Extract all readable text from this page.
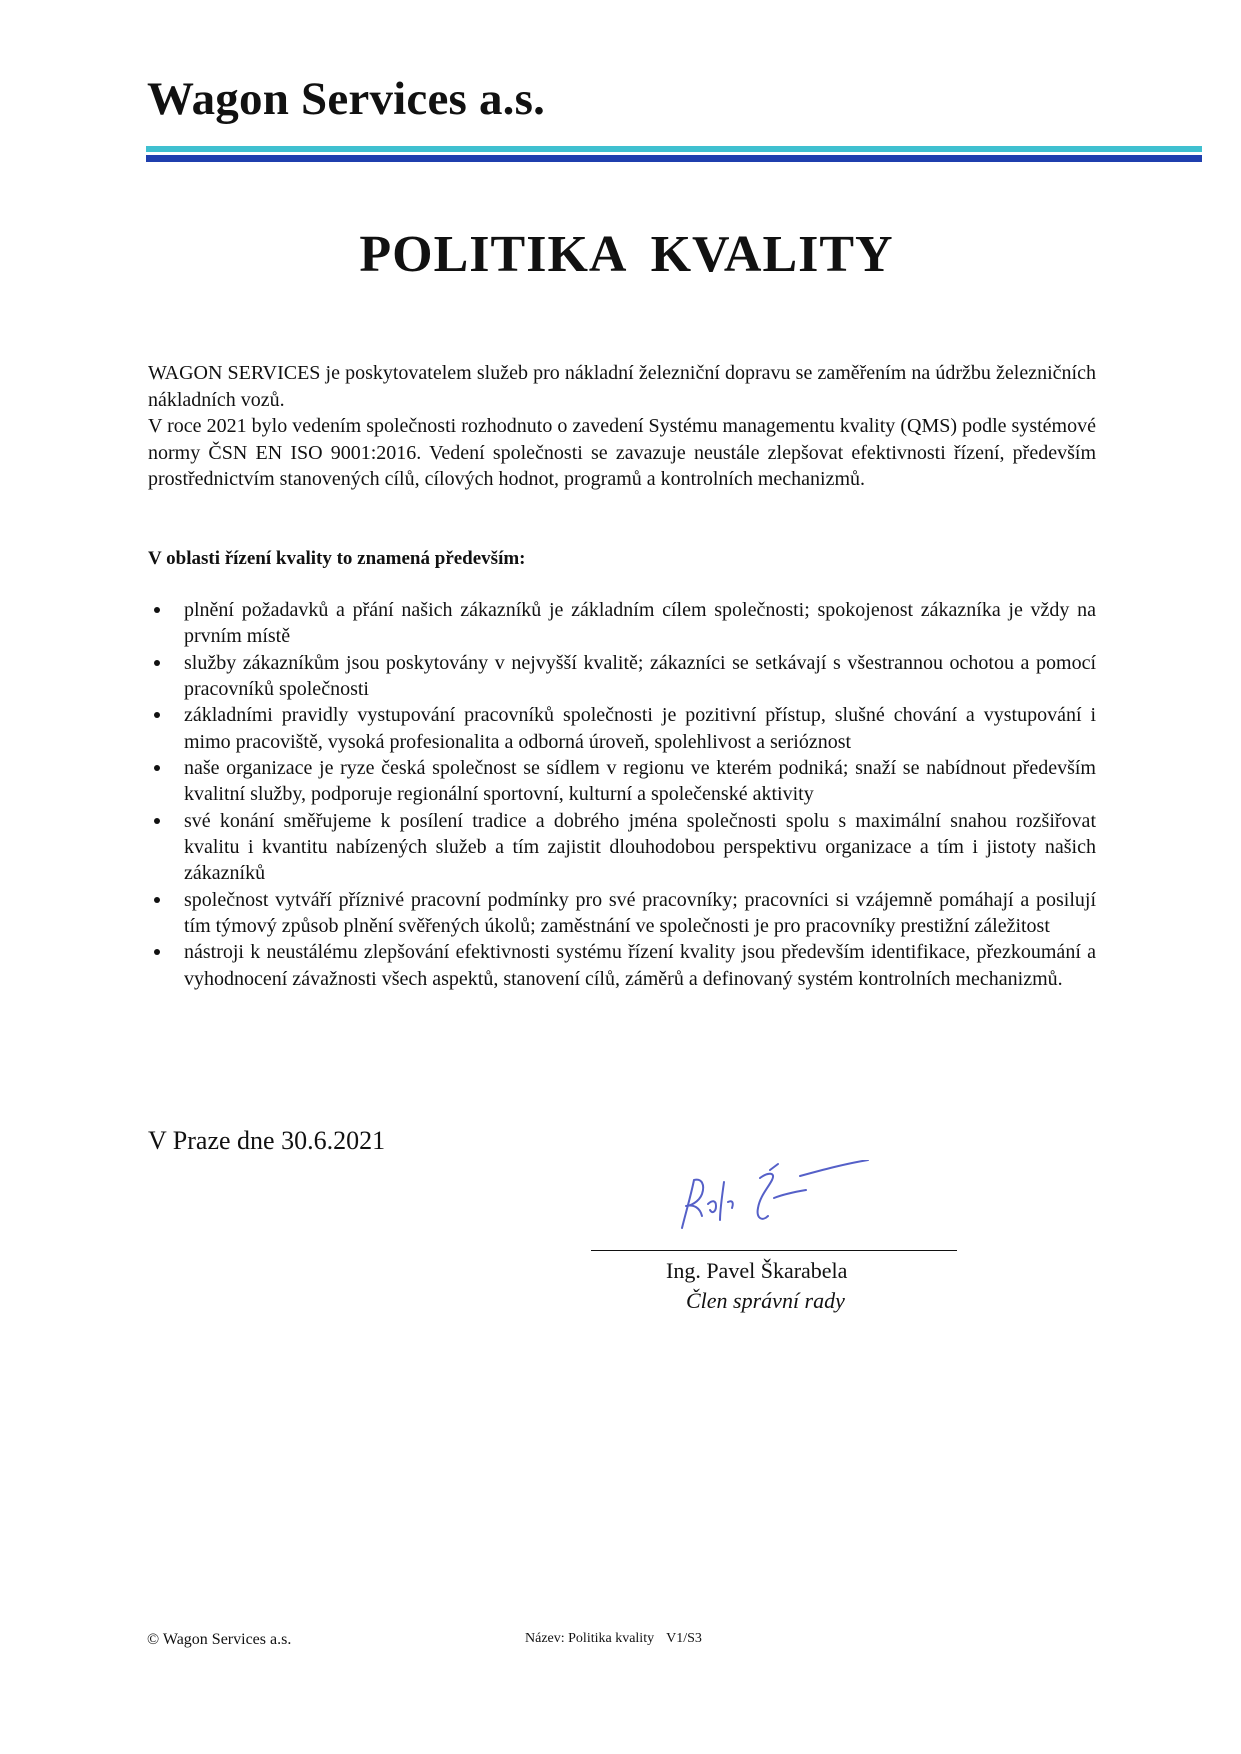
Wagon Services a.s.
POLITIKA KVALITY

WAGON SERVICES je poskytovatelem služeb pro nákladní železniční dopravu se zaměřením na údržbu železničních nákladních vozů.

V roce 2021 bylo vedením společnosti rozhodnuto o zavedení Systému managementu kvality (QMS) podle systémové normy ČSN EN ISO 9001:2016. Vedení společnosti se zavazuje neustále zlepšovat efektivnosti řízení, především prostřednictvím stanovených cílů, cílových hodnot, programů a kontrolních mechanizmů.

V oblasti řízení kvality to znamená především:
plnění požadavků a přání našich zákazníků je základním cílem společnosti; spokojenost zákazníka je vždy na prvním místě
služby zákazníkům jsou poskytovány v nejvyšší kvalitě; zákazníci se setkávají s všestrannou ochotou a pomocí pracovníků společnosti
základními pravidly vystupování pracovníků společnosti je pozitivní přístup, slušné chování a vystupování i mimo pracoviště, vysoká profesionalita a odborná úroveň, spolehlivost a serióznost
naše organizace je ryze česká společnost se sídlem v regionu ve kterém podniká; snaží se nabídnout především kvalitní služby, podporuje regionální sportovní, kulturní a společenské aktivity
své konání směřujeme k posílení tradice a dobrého jména společnosti spolu s maximální snahou rozšiřovat kvalitu i kvantitu nabízených služeb a tím zajistit dlouhodobou perspektivu organizace a tím i jistoty našich zákazníků
společnost vytváří příznivé pracovní podmínky pro své pracovníky; pracovníci si vzájemně pomáhají a posilují tím týmový způsob plnění svěřených úkolů; zaměstnání ve společnosti je pro pracovníky prestižní záležitost
nástroji k neustálému zlepšování efektivnosti systému řízení kvality jsou především identifikace, přezkoumání a vyhodnocení závažnosti všech aspektů, stanovení cílů, záměrů a definovaný systém kontrolních mechanizmů.
V Praze dne 30.6.2021
Ing. Pavel Škarabela
Člen správní rady
© Wagon Services a.s.	Název: Politika kvality V1/S3
